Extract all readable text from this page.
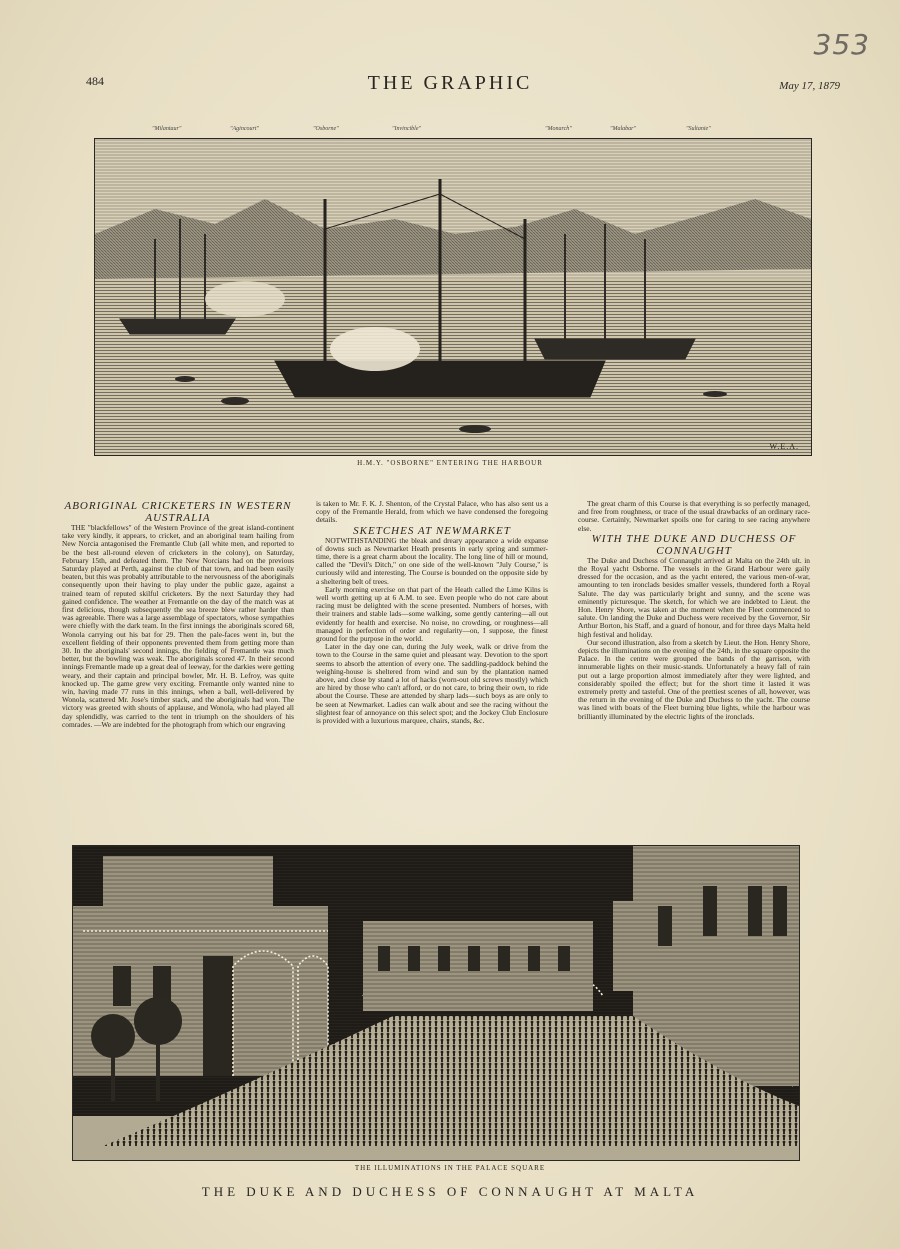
353
484	THE GRAPHIC	May 17, 1879
"Milantaur"	"Agincourt"	"Osborne"	"Invincible"	"Monarch"	"Malabar"	"Sultanie"
W.E.A.
H.M.Y. "OSBORNE" ENTERING THE HARBOUR

ABORIGINAL CRICKETERS IN WESTERN AUSTRALIA

THE "blackfellows" of the Western Province of the great island-continent take very kindly, it appears, to cricket, and an aboriginal team hailing from New Norcia antagonised the Fremantle Club (all white men, and reported to be the best all-round eleven of cricketers in the colony), on Saturday, February 15th, and defeated them. The New Norcians had on the previous Saturday played at Perth, against the club of that town, and had been easily beaten, but this was probably attributable to the nervousness of the aboriginals consequently upon their having to play under the public gaze, against a trained team of reputed skilful cricketers. By the next Saturday they had gained confidence. The weather at Fremantle on the day of the match was at first delicious, though subsequently the sea breeze blew rather harder than was agreeable. There was a large assemblage of spectators, whose sympathies were chiefly with the dark team. In the first innings the aboriginals scored 68, Wonola carrying out his bat for 29. Then the pale-faces went in, but the excellent fielding of their opponents prevented them from getting more than 30. In the aboriginals' second innings, the fielding of Fremantle was much better, but the bowling was weak. The aboriginals scored 47. In their second innings Fremantle made up a great deal of leeway, for the darkies were getting weary, and their captain and principal bowler, Mr. H. B. Lefroy, was quite knocked up. The game grew very exciting. Fremantle only wanted nine to win, having made 77 runs in this innings, when a ball, well-delivered by Wonola, scattered Mr. Jose's timber stack, and the aboriginals had won. The victory was greeted with shouts of applause, and Wonola, who had played all day splendidly, was carried to the tent in triumph on the shoulders of his comrades. —We are indebted for the photograph from which our engraving

is taken to Mr. F. K. J. Shenton, of the Crystal Palace, who has also sent us a copy of the Fremantle Herald, from which we have condensed the foregoing details.

SKETCHES AT NEWMARKET

NOTWITHSTANDING the bleak and dreary appearance a wide expanse of downs such as Newmarket Heath presents in early spring and summer-time, there is a great charm about the locality. The long line of hill or mound, called the "Devil's Ditch," on one side of the well-known "July Course," is curiously wild and interesting. The Course is bounded on the opposite side by a sheltering belt of trees.

Early morning exercise on that part of the Heath called the Lime Kilns is well worth getting up at 6 A.M. to see. Even people who do not care about racing must be delighted with the scene presented. Numbers of horses, with their trainers and stable lads—some walking, some gently cantering—all out evidently for health and exercise. No noise, no crowding, or roughness—all managed in perfection of order and regularity—on, I suppose, the finest ground for the purpose in the world.

Later in the day one can, during the July week, walk or drive from the town to the Course in the same quiet and pleasant way. Devotion to the sport seems to absorb the attention of every one. The saddling-paddock behind the weighing-house is sheltered from wind and sun by the plantation named above, and close by stand a lot of hacks (worn-out old screws mostly) which are hired by those who can't afford, or do not care, to bring their own, to ride about the Course. These are attended by sharp lads—such boys as are only to be seen at Newmarket. Ladies can walk about and see the racing without the slightest fear of annoyance on this select spot; and the Jockey Club Enclosure is provided with a luxurious marquee, chairs, stands, &c.

The great charm of this Course is that everything is so perfectly managed, and free from roughness, or trace of the usual drawbacks of an ordinary race-course. Certainly, Newmarket spoils one for caring to see racing anywhere else.

WITH THE DUKE AND DUCHESS OF CONNAUGHT

The Duke and Duchess of Connaught arrived at Malta on the 24th ult. in the Royal yacht Osborne. The vessels in the Grand Harbour were gaily dressed for the occasion, and as the yacht entered, the various men-of-war, amounting to ten ironclads besides smaller vessels, thundered forth a Royal Salute. The day was particularly bright and sunny, and the scene was eminently picturesque. The sketch, for which we are indebted to Lieut. the Hon. Henry Shore, was taken at the moment when the Fleet commenced to salute. On landing the Duke and Duchess were received by the Governor, Sir Arthur Borton, his Staff, and a guard of honour, and for three days Malta held high festival and holiday.

Our second illustration, also from a sketch by Lieut. the Hon. Henry Shore, depicts the illuminations on the evening of the 24th, in the square opposite the Palace. In the centre were grouped the bands of the garrison, with innumerable lights on their music-stands. Unfortunately a heavy fall of rain put out a large proportion almost immediately after they were lighted, and considerably spoiled the effect; but for the short time it lasted it was extremely pretty and tasteful. One of the prettiest scenes of all, however, was the return in the evening of the Duke and Duchess to the yacht. The course was lined with boats of the Fleet burning blue lights, while the harbour was brilliantly illuminated by the electric lights of the ironclads.

THE ILLUMINATIONS IN THE PALACE SQUARE
THE DUKE AND DUCHESS OF CONNAUGHT AT MALTA
